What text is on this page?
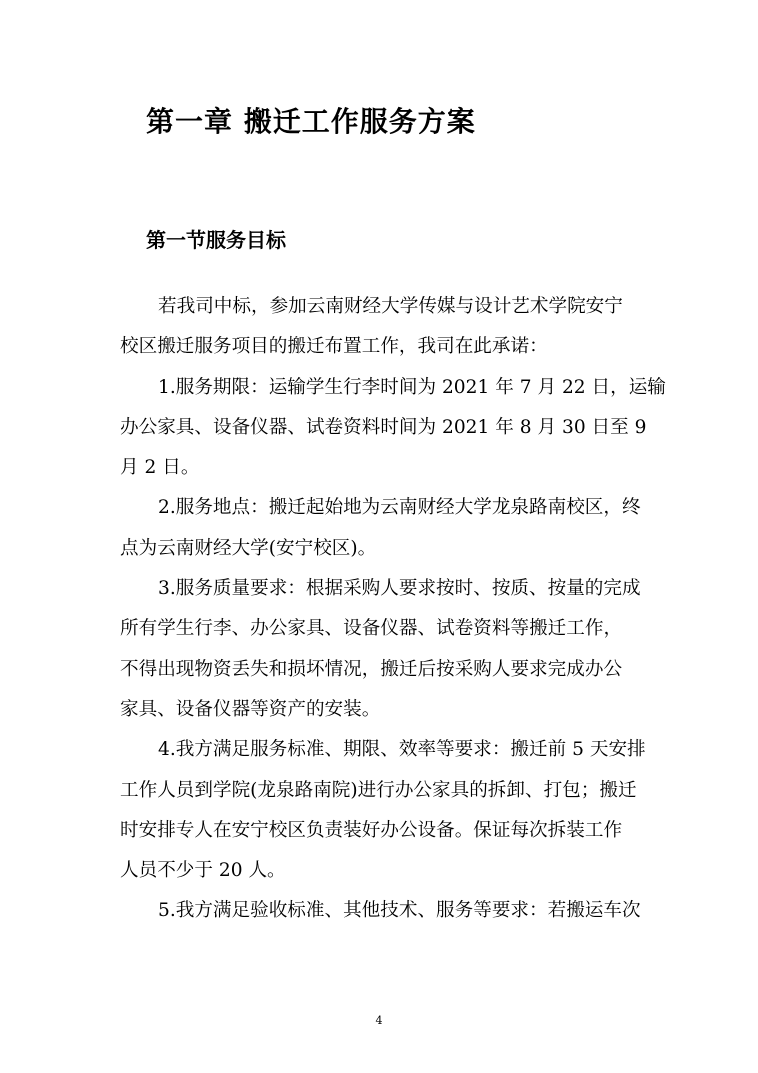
第一章 搬迁工作服务方案
第一节服务目标

若我司中标，参加云南财经大学传媒与设计艺术学院安宁
校区搬迁服务项目的搬迁布置工作，我司在此承诺：

1.服务期限：运输学生行李时间为 2021 年 7 月 22 日，运输
办公家具、设备仪器、试卷资料时间为 2021 年 8 月 30 日至 9
月 2 日。

2.服务地点：搬迁起始地为云南财经大学龙泉路南校区，终
点为云南财经大学(安宁校区)。

3.服务质量要求：根据采购人要求按时、按质、按量的完成
所有学生行李、办公家具、设备仪器、试卷资料等搬迁工作，
不得出现物资丢失和损坏情况，搬迁后按采购人要求完成办公
家具、设备仪器等资产的安装。

4.我方满足服务标准、期限、效率等要求：搬迁前 5 天安排
工作人员到学院(龙泉路南院)进行办公家具的拆卸、打包；搬迁
时安排专人在安宁校区负责装好办公设备。保证每次拆装工作
人员不少于 20 人。

5.我方满足验收标准、其他技术、服务等要求：若搬运车次

4
